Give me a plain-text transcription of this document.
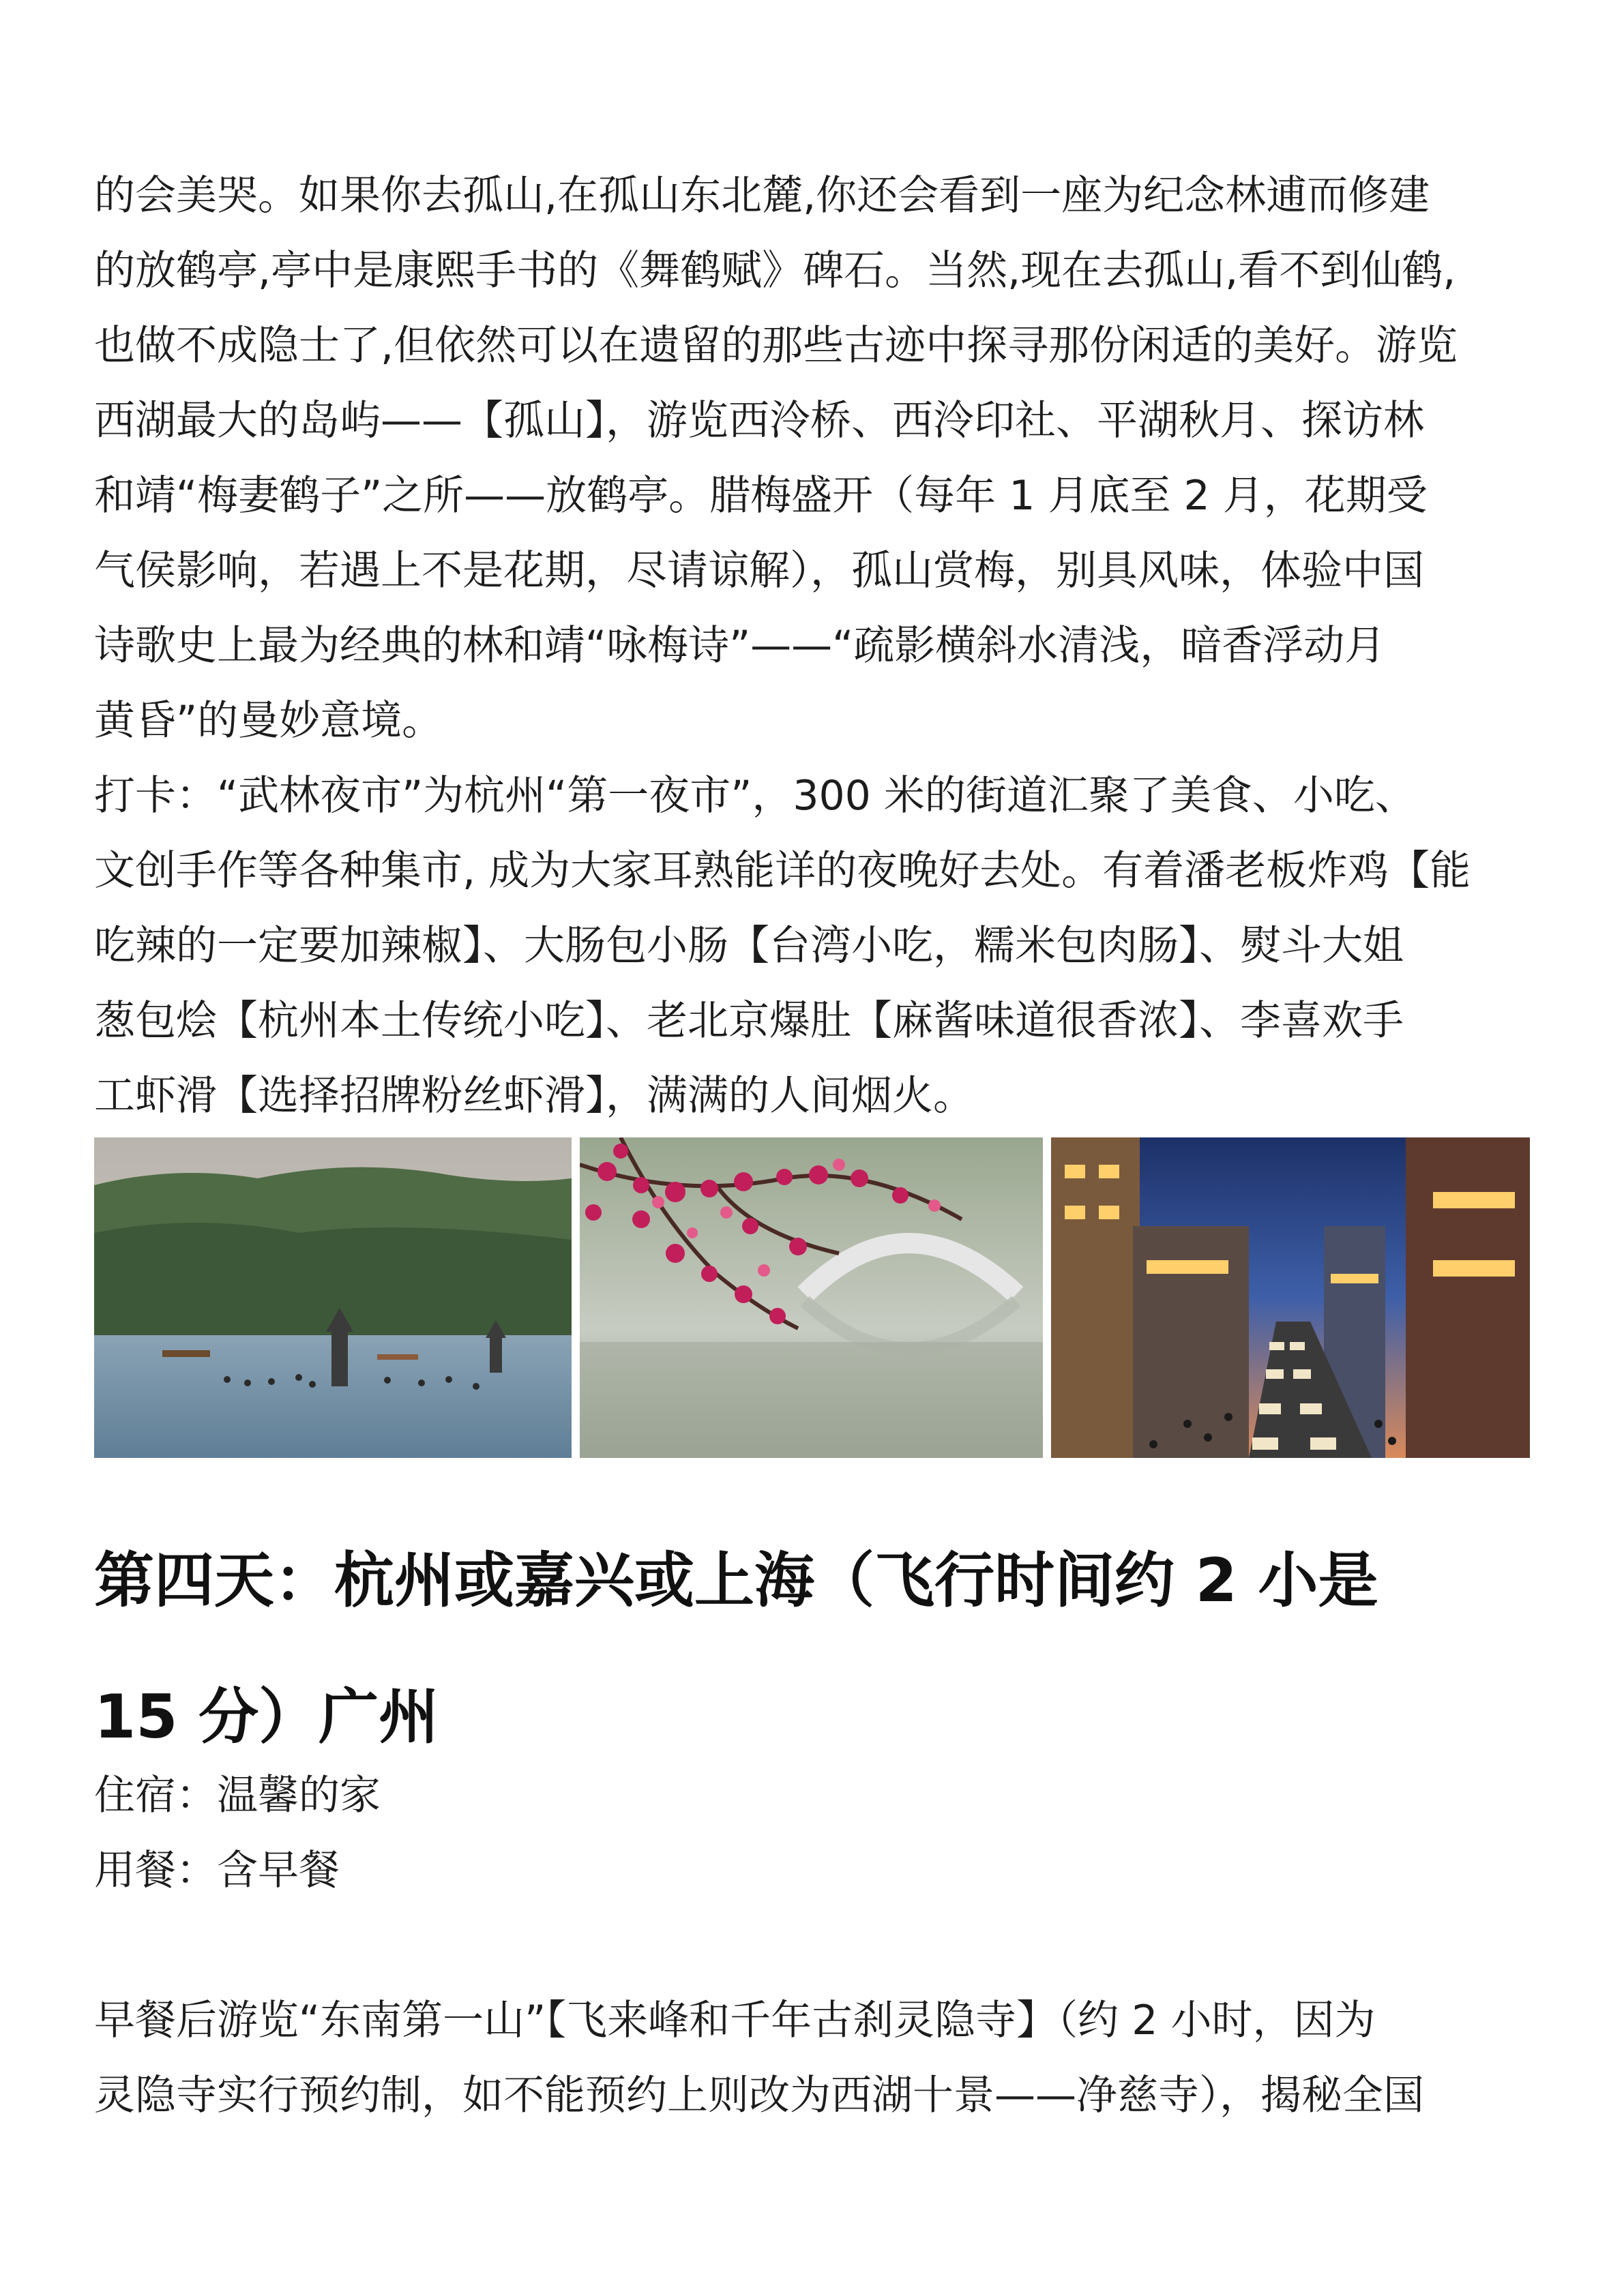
的会美哭。如果你去孤山,在孤山东北麓,你还会看到一座为纪念林逋而修建
的放鹤亭,亭中是康熙手书的《舞鹤赋》碑石。当然,现在去孤山,看不到仙鹤,
也做不成隐士了,但依然可以在遗留的那些古迹中探寻那份闲适的美好。游览
西湖最大的岛屿——【孤山】，游览西泠桥、西泠印社、平湖秋月、探访林
和靖“梅妻鹤子”之所——放鹤亭。腊梅盛开（每年 1 月底至 2 月，花期受
气侯影响，若遇上不是花期，尽请谅解），孤山赏梅，别具风味，体验中国
诗歌史上最为经典的林和靖“咏梅诗”——“疏影横斜水清浅，暗香浮动月
黄昏”的曼妙意境。

打卡：“武林夜市”为杭州“第一夜市”，300 米的街道汇聚了美食、小吃、
文创手作等各种集市, 成为大家耳熟能详的夜晚好去处。有着潘老板炸鸡【能
吃辣的一定要加辣椒】、大肠包小肠【台湾小吃，糯米包肉肠】、熨斗大姐
葱包烩【杭州本土传统小吃】、老北京爆肚【麻酱味道很香浓】、李喜欢手
工虾滑【选择招牌粉丝虾滑】，满满的人间烟火。

第四天：杭州或嘉兴或上海（飞行时间约 2 小是
15 分）广州
住宿：温馨的家
用餐：含早餐

早餐后游览“东南第一山”【飞来峰和千年古刹灵隐寺】（约 2 小时，因为
灵隐寺实行预约制，如不能预约上则改为西湖十景——净慈寺），揭秘全国
